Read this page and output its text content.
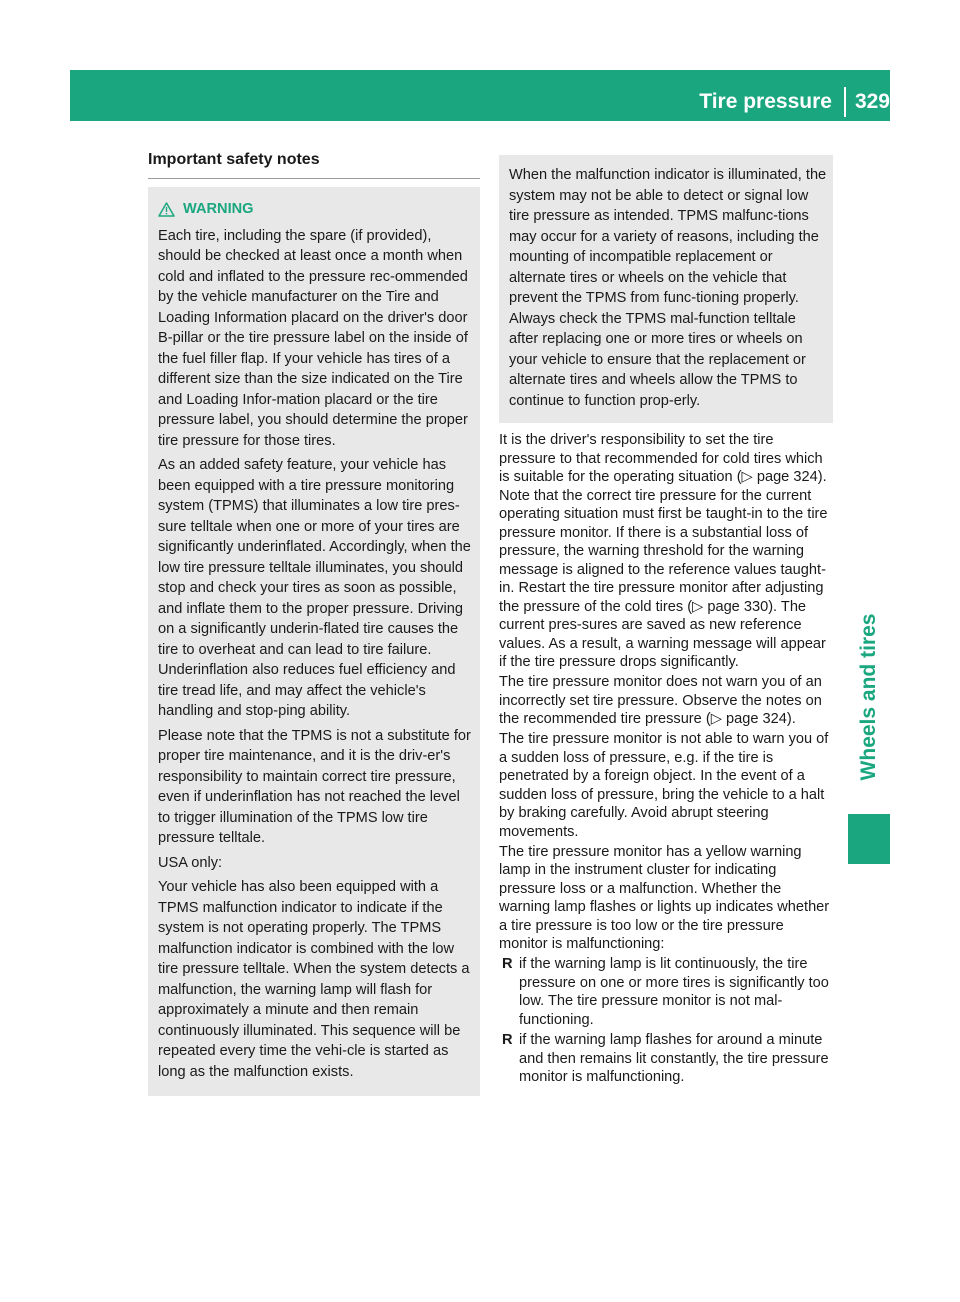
Tire pressure 329
Wheels and tires
Important safety notes
WARNING

Each tire, including the spare (if provided), should be checked at least once a month when cold and inflated to the pressure rec-ommended by the vehicle manufacturer on the Tire and Loading Information placard on the driver's door B-pillar or the tire pressure label on the inside of the fuel filler flap. If your vehicle has tires of a different size than the size indicated on the Tire and Loading Infor-mation placard or the tire pressure label, you should determine the proper tire pressure for those tires.

As an added safety feature, your vehicle has been equipped with a tire pressure monitoring system (TPMS) that illuminates a low tire pres-sure telltale when one or more of your tires are significantly underinflated. Accordingly, when the low tire pressure telltale illuminates, you should stop and check your tires as soon as possible, and inflate them to the proper pressure. Driving on a significantly underin-flated tire causes the tire to overheat and can lead to tire failure. Underinflation also reduces fuel efficiency and tire tread life, and may affect the vehicle's handling and stop-ping ability.

Please note that the TPMS is not a substitute for proper tire maintenance, and it is the driv-er's responsibility to maintain correct tire pressure, even if underinflation has not reached the level to trigger illumination of the TPMS low tire pressure telltale.

USA only:

Your vehicle has also been equipped with a TPMS malfunction indicator to indicate if the system is not operating properly. The TPMS malfunction indicator is combined with the low tire pressure telltale. When the system detects a malfunction, the warning lamp will flash for approximately a minute and then remain continuously illuminated. This sequence will be repeated every time the vehi-cle is started as long as the malfunction exists.

When the malfunction indicator is illuminated, the system may not be able to detect or signal low tire pressure as intended. TPMS malfunc-tions may occur for a variety of reasons, including the mounting of incompatible replacement or alternate tires or wheels on the vehicle that prevent the TPMS from func-tioning properly. Always check the TPMS mal-function telltale after replacing one or more tires or wheels on your vehicle to ensure that the replacement or alternate tires and wheels allow the TPMS to continue to function prop-erly.

It is the driver's responsibility to set the tire pressure to that recommended for cold tires which is suitable for the operating situation (▷ page 324). Note that the correct tire pressure for the current operating situation must first be taught-in to the tire pressure monitor. If there is a substantial loss of pressure, the warning threshold for the warning message is aligned to the reference values taught-in. Restart the tire pressure monitor after adjusting the pressure of the cold tires (▷ page 330). The current pres-sures are saved as new reference values. As a result, a warning message will appear if the tire pressure drops significantly.

The tire pressure monitor does not warn you of an incorrectly set tire pressure. Observe the notes on the recommended tire pressure (▷ page 324).

The tire pressure monitor is not able to warn you of a sudden loss of pressure, e.g. if the tire is penetrated by a foreign object. In the event of a sudden loss of pressure, bring the vehicle to a halt by braking carefully. Avoid abrupt steering movements.

The tire pressure monitor has a yellow warning lamp in the instrument cluster for indicating pressure loss or a malfunction. Whether the warning lamp flashes or lights up indicates whether a tire pressure is too low or the tire pressure monitor is malfunctioning:

R if the warning lamp is lit continuously, the tire pressure on one or more tires is significantly too low. The tire pressure monitor is not mal-functioning.
R if the warning lamp flashes for around a minute and then remains lit constantly, the tire pressure monitor is malfunctioning.
